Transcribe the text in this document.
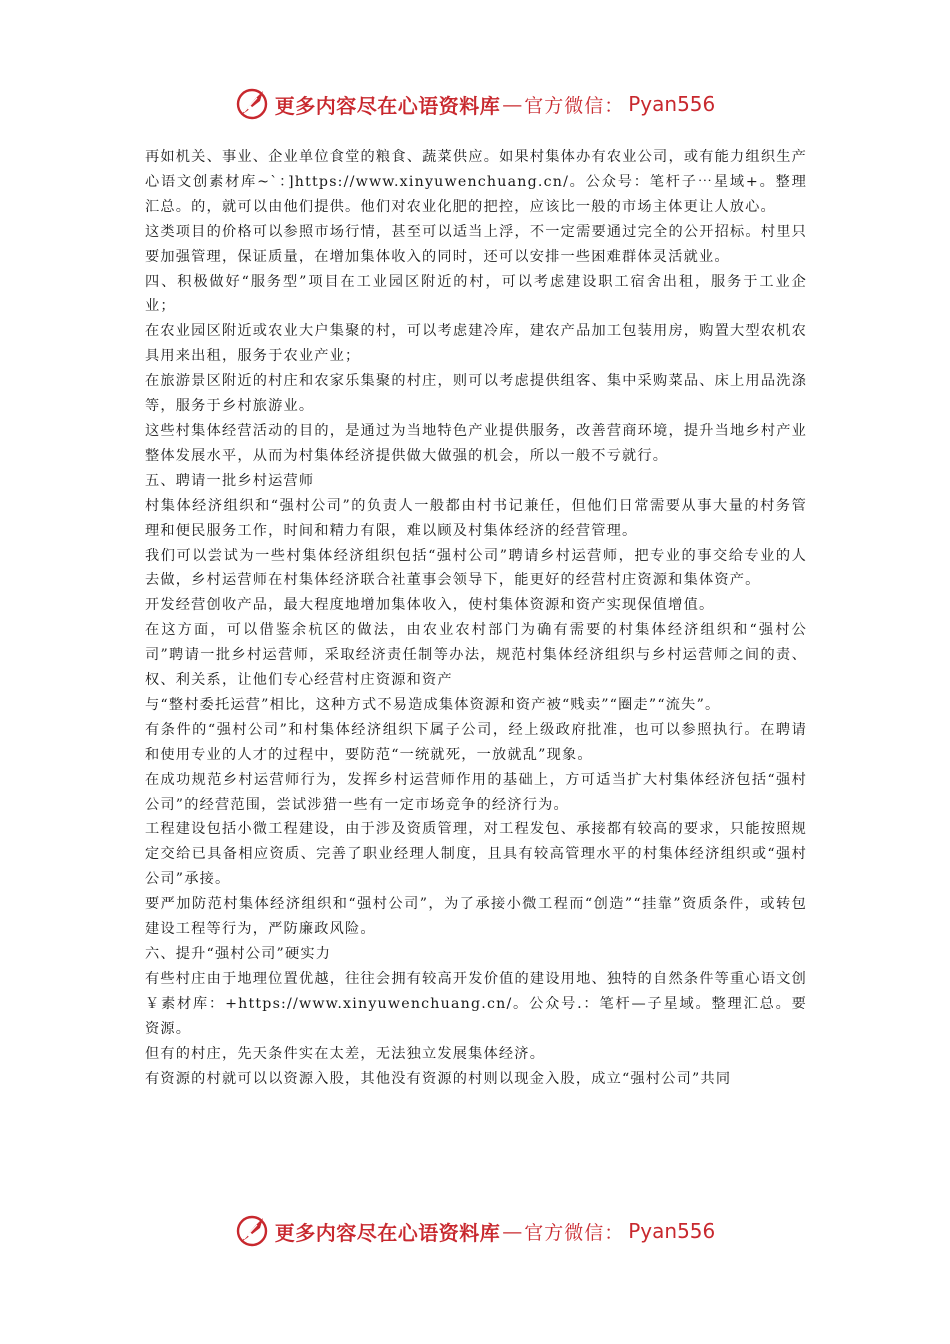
更多内容尽在心语资料库 — 官方微信： Pyan556

再如机关、事业、企业单位食堂的粮食、蔬菜供应。如果村集体办有农业公司，或有能力组织生产心语文创素材库~`：]https://www.xinyuwenchuang.cn/。公众号：笔杆子⋯星域+。整理汇总。的，就可以由他们提供。他们对农业化肥的把控，应该比一般的市场主体更让人放心。

这类项目的价格可以参照市场行情，甚至可以适当上浮，不一定需要通过完全的公开招标。村里只要加强管理，保证质量，在增加集体收入的同时，还可以安排一些困难群体灵活就业。

四、积极做好“服务型”项目在工业园区附近的村，可以考虑建设职工宿舍出租，服务于工业企业；

在农业园区附近或农业大户集聚的村，可以考虑建冷库，建农产品加工包装用房，购置大型农机农具用来出租，服务于农业产业；

在旅游景区附近的村庄和农家乐集聚的村庄，则可以考虑提供组客、集中采购菜品、床上用品洗涤等，服务于乡村旅游业。

这些村集体经营活动的目的，是通过为当地特色产业提供服务，改善营商环境，提升当地乡村产业整体发展水平，从而为村集体经济提供做大做强的机会，所以一般不亏就行。

五、聘请一批乡村运营师

村集体经济组织和“强村公司”的负责人一般都由村书记兼任，但他们日常需要从事大量的村务管理和便民服务工作，时间和精力有限，难以顾及村集体经济的经营管理。

我们可以尝试为一些村集体经济组织包括“强村公司”聘请乡村运营师，把专业的事交给专业的人去做，乡村运营师在村集体经济联合社董事会领导下，能更好的经营村庄资源和集体资产。

开发经营创收产品，最大程度地增加集体收入，使村集体资源和资产实现保值增值。

在这方面，可以借鉴余杭区的做法，由农业农村部门为确有需要的村集体经济组织和“强村公司”聘请一批乡村运营师，采取经济责任制等办法，规范村集体经济组织与乡村运营师之间的责、权、利关系，让他们专心经营村庄资源和资产

与“整村委托运营”相比，这种方式不易造成集体资源和资产被“贱卖”“圈走”“流失”。

有条件的“强村公司”和村集体经济组织下属子公司，经上级政府批准，也可以参照执行。在聘请和使用专业的人才的过程中，要防范“一统就死，一放就乱”现象。

在成功规范乡村运营师行为，发挥乡村运营师作用的基础上，方可适当扩大村集体经济包括“强村公司”的经营范围，尝试涉猎一些有一定市场竞争的经济行为。

工程建设包括小微工程建设，由于涉及资质管理，对工程发包、承接都有较高的要求，只能按照规定交给已具备相应资质、完善了职业经理人制度，且具有较高管理水平的村集体经济组织或“强村公司”承接。

要严加防范村集体经济组织和“强村公司”，为了承接小微工程而“创造”“挂靠”资质条件，或转包建设工程等行为，严防廉政风险。

六、提升“强村公司”硬实力

有些村庄由于地理位置优越，往往会拥有较高开发价值的建设用地、独特的自然条件等重心语文创￥素材库：+https://www.xinyuwenchuang.cn/。公众号.：笔杆—子星域。整理汇总。要资源。

但有的村庄，先天条件实在太差，无法独立发展集体经济。

有资源的村就可以以资源入股，其他没有资源的村则以现金入股，成立“强村公司”共同

更多内容尽在心语资料库 — 官方微信： Pyan556
